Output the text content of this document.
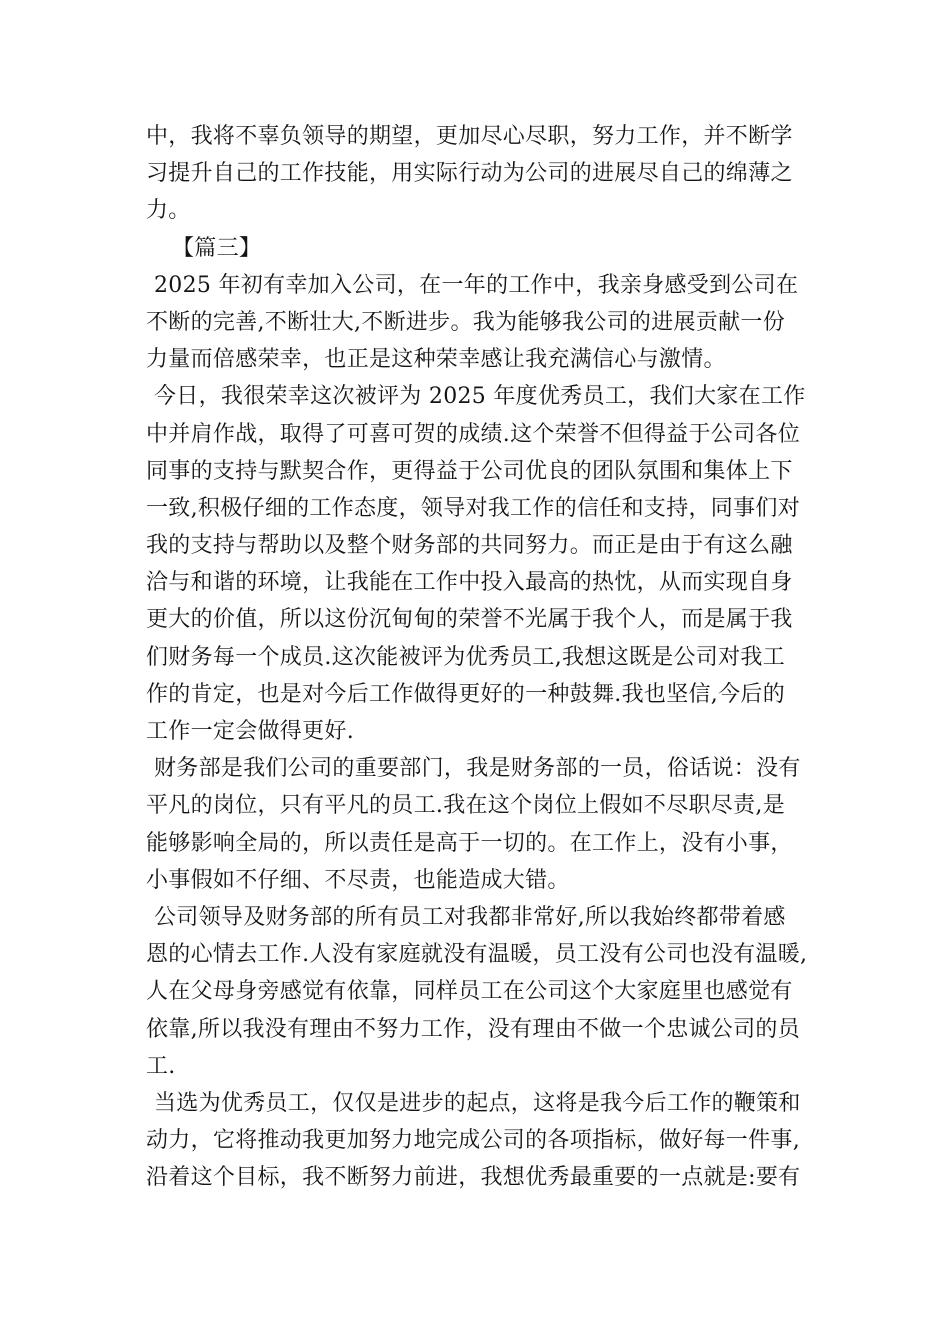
中，我将不辜负领导的期望，更加尽心尽职，努力工作，并不断学
习提升自己的工作技能，用实际行动为公司的进展尽自己的绵薄之
力。
【篇三】
2025 年初有幸加入公司，在一年的工作中，我亲身感受到公司在
不断的完善,不断壮大,不断进步。我为能够我公司的进展贡献一份
力量而倍感荣幸，也正是这种荣幸感让我充满信心与激情。
今日，我很荣幸这次被评为 2025 年度优秀员工，我们大家在工作
中并肩作战，取得了可喜可贺的成绩.这个荣誉不但得益于公司各位
同事的支持与默契合作，更得益于公司优良的团队氛围和集体上下
一致,积极仔细的工作态度，领导对我工作的信任和支持，同事们对
我的支持与帮助以及整个财务部的共同努力。而正是由于有这么融
洽与和谐的环境，让我能在工作中投入最高的热忱，从而实现自身
更大的价值，所以这份沉甸甸的荣誉不光属于我个人，而是属于我
们财务每一个成员.这次能被评为优秀员工,我想这既是公司对我工
作的肯定，也是对今后工作做得更好的一种鼓舞.我也坚信,今后的
工作一定会做得更好.
财务部是我们公司的重要部门，我是财务部的一员，俗话说：没有
平凡的岗位，只有平凡的员工.我在这个岗位上假如不尽职尽责,是
能够影响全局的，所以责任是高于一切的。在工作上，没有小事，
小事假如不仔细、不尽责，也能造成大错。
公司领导及财务部的所有员工对我都非常好,所以我始终都带着感
恩的心情去工作.人没有家庭就没有温暖，员工没有公司也没有温暖,
人在父母身旁感觉有依靠，同样员工在公司这个大家庭里也感觉有
依靠,所以我没有理由不努力工作，没有理由不做一个忠诚公司的员
工.
当选为优秀员工，仅仅是进步的起点，这将是我今后工作的鞭策和
动力，它将推动我更加努力地完成公司的各项指标，做好每一件事,
沿着这个目标，我不断努力前进，我想优秀最重要的一点就是:要有
